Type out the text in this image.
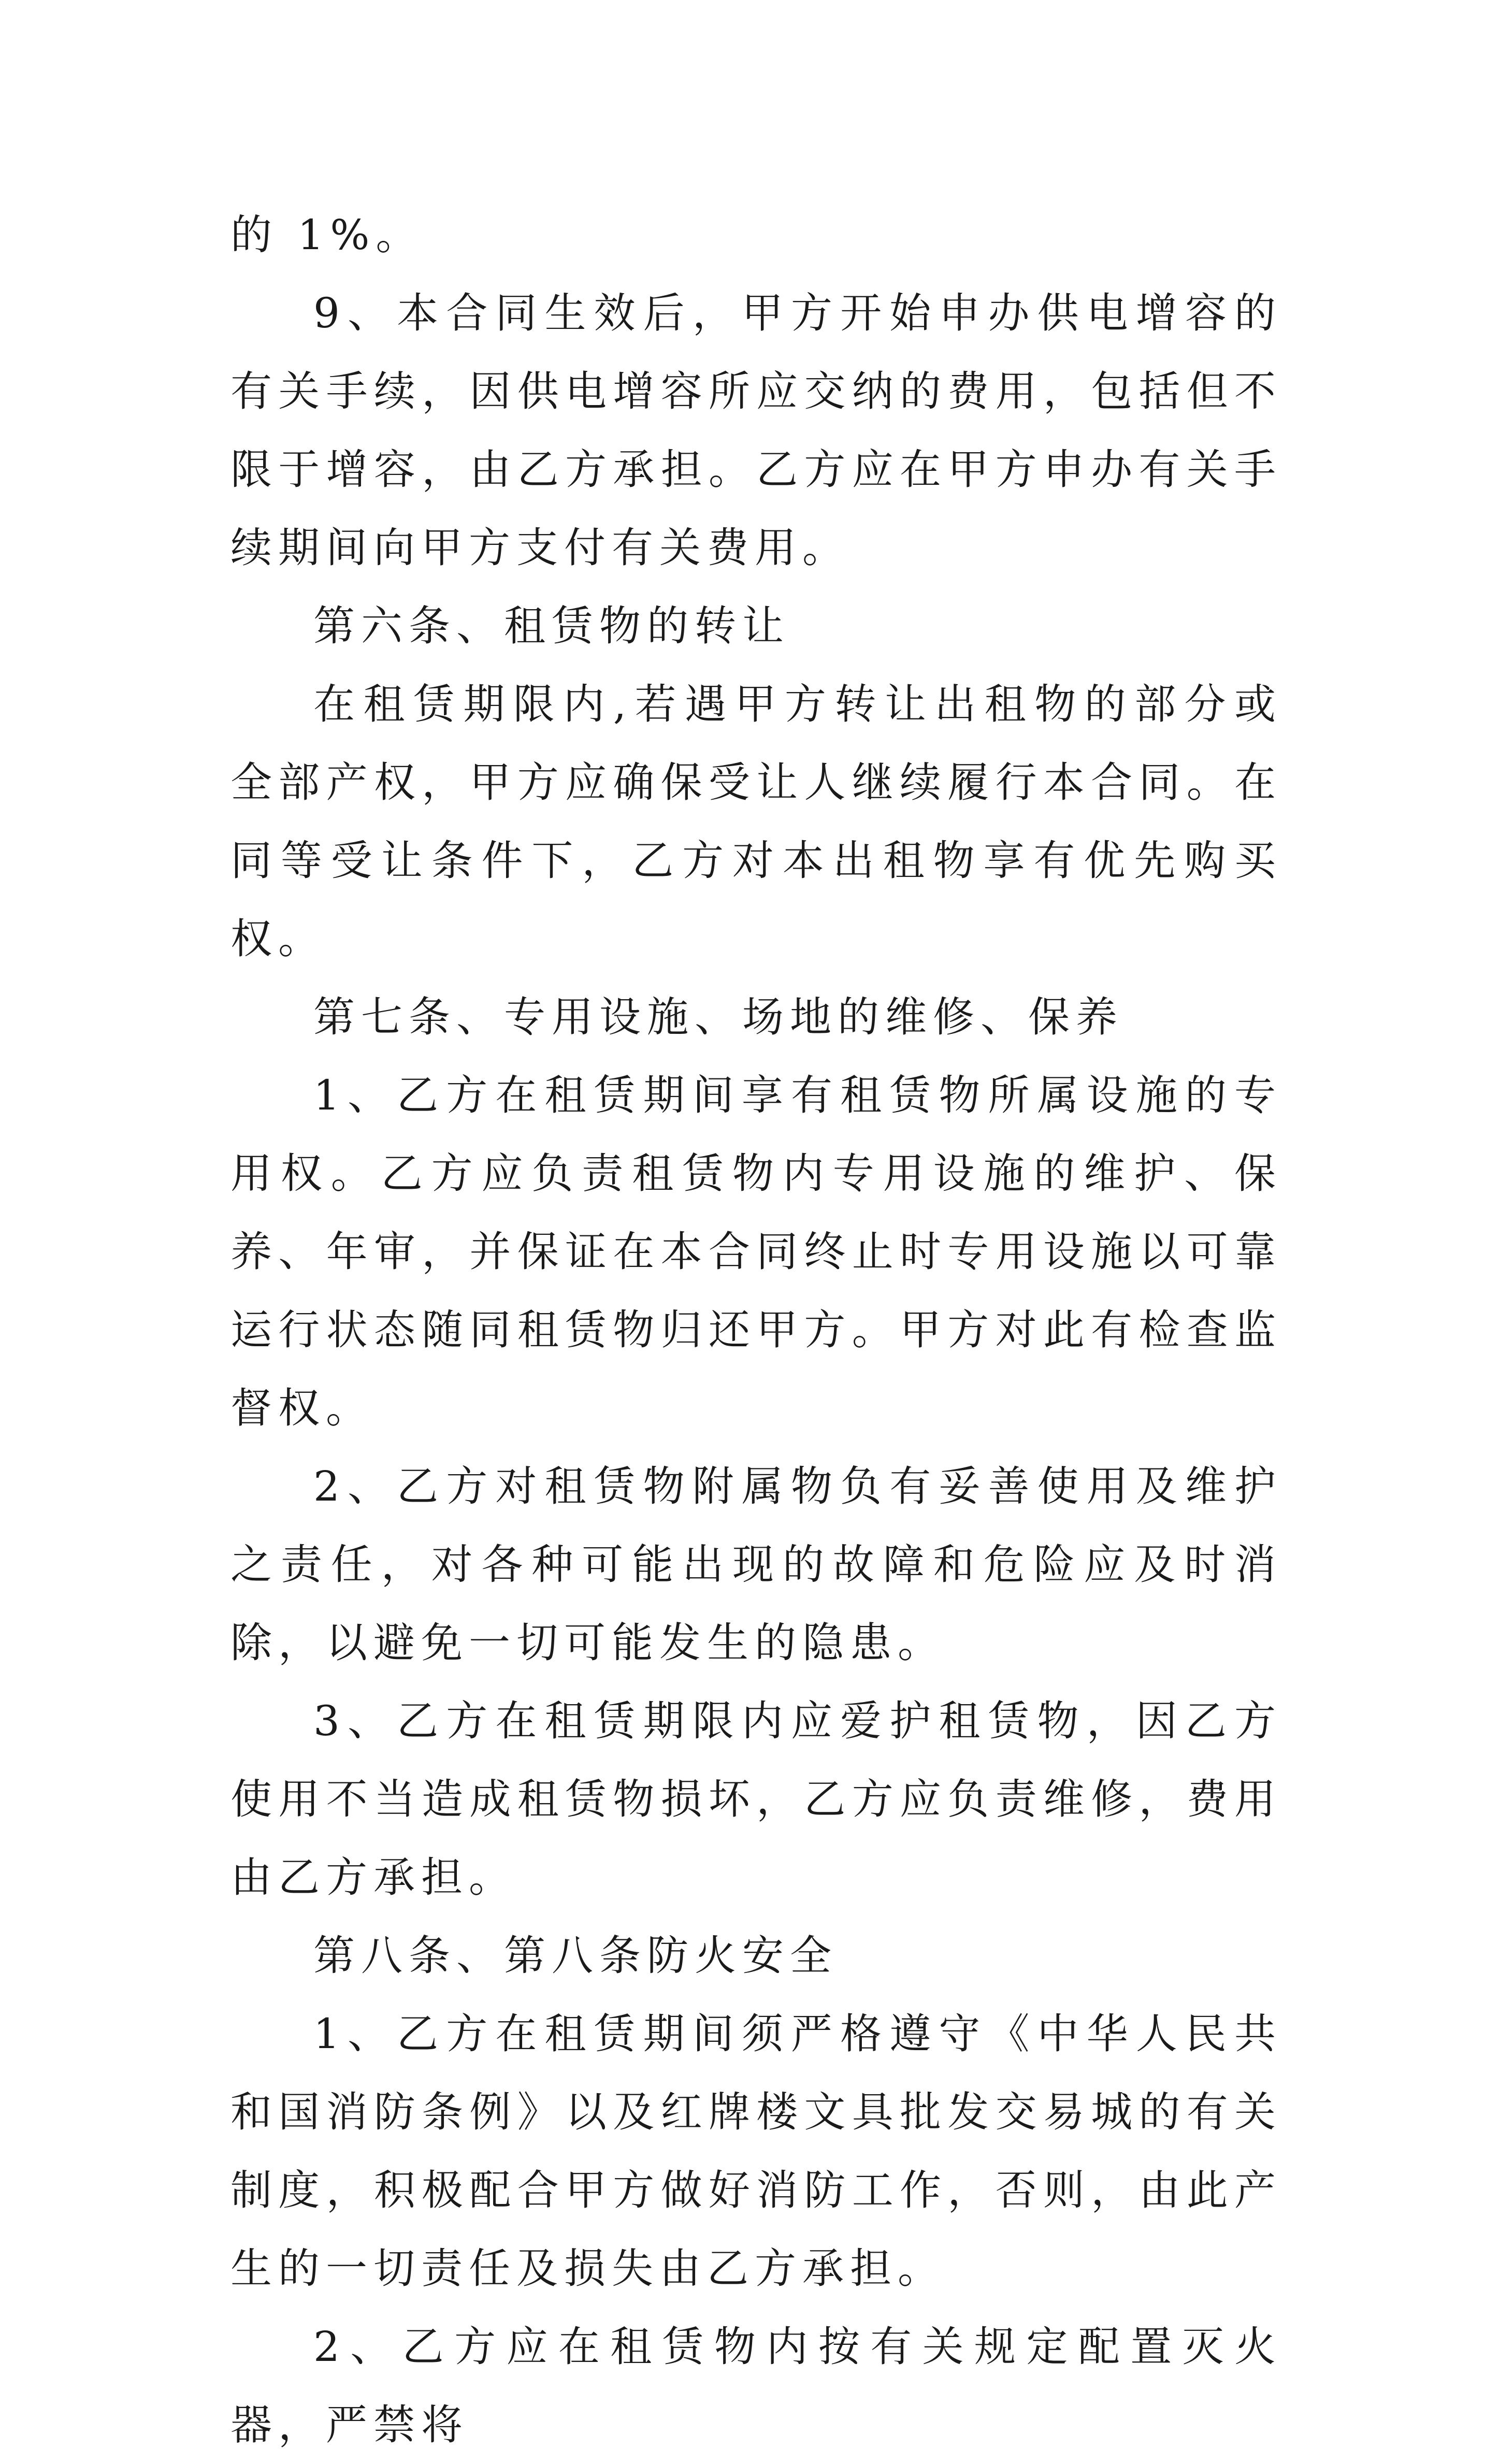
的 1%。

9、本合同生效后，甲方开始申办供电增容的有关手续，因供电增容所应交纳的费用，包括但不限于增容，由乙方承担。乙方应在甲方申办有关手续期间向甲方支付有关费用。

第六条、租赁物的转让

在租赁期限内,若遇甲方转让出租物的部分或全部产权，甲方应确保受让人继续履行本合同。在同等受让条件下，乙方对本出租物享有优先购买权。

第七条、专用设施、场地的维修、保养

1、乙方在租赁期间享有租赁物所属设施的专用权。乙方应负责租赁物内专用设施的维护、保养、年审，并保证在本合同终止时专用设施以可靠运行状态随同租赁物归还甲方。甲方对此有检查监督权。

2、乙方对租赁物附属物负有妥善使用及维护之责任，对各种可能出现的故障和危险应及时消除，以避免一切可能发生的隐患。

3、乙方在租赁期限内应爱护租赁物，因乙方使用不当造成租赁物损坏，乙方应负责维修，费用由乙方承担。

第八条、第八条防火安全

1、乙方在租赁期间须严格遵守《中华人民共和国消防条例》以及红牌楼文具批发交易城的有关制度，积极配合甲方做好消防工作，否则，由此产生的一切责任及损失由乙方承担。

2、乙方应在租赁物内按有关规定配置灭火器，严禁将
